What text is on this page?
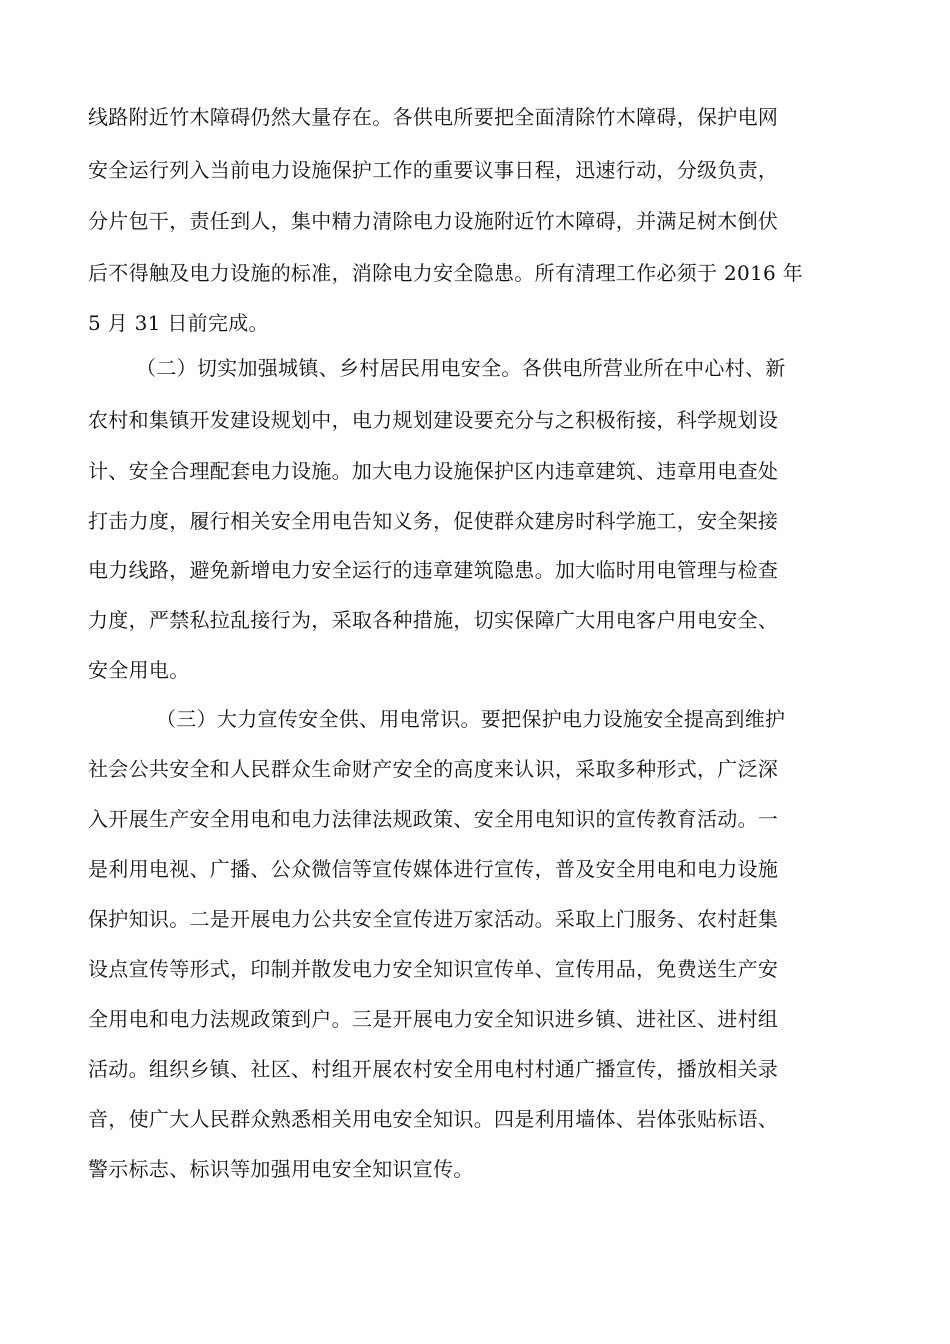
线路附近竹木障碍仍然大量存在。各供电所要把全面清除竹木障碍，保护电网
安全运行列入当前电力设施保护工作的重要议事日程，迅速行动，分级负责，
分片包干，责任到人，集中精力清除电力设施附近竹木障碍，并满足树木倒伏
后不得触及电力设施的标准，消除电力安全隐患。所有清理工作必须于 2016 年
5 月 31 日前完成。
（二）切实加强城镇、乡村居民用电安全。各供电所营业所在中心村、新
农村和集镇开发建设规划中，电力规划建设要充分与之积极衔接，科学规划设
计、安全合理配套电力设施。加大电力设施保护区内违章建筑、违章用电查处
打击力度，履行相关安全用电告知义务，促使群众建房时科学施工，安全架接
电力线路，避免新增电力安全运行的违章建筑隐患。加大临时用电管理与检查
力度，严禁私拉乱接行为，采取各种措施，切实保障广大用电客户用电安全、
安全用电。
（三）大力宣传安全供、用电常识。要把保护电力设施安全提高到维护
社会公共安全和人民群众生命财产安全的高度来认识，采取多种形式，广泛深
入开展生产安全用电和电力法律法规政策、安全用电知识的宣传教育活动。一
是利用电视、广播、公众微信等宣传媒体进行宣传，普及安全用电和电力设施
保护知识。二是开展电力公共安全宣传进万家活动。采取上门服务、农村赶集
设点宣传等形式，印制并散发电力安全知识宣传单、宣传用品，免费送生产安
全用电和电力法规政策到户。三是开展电力安全知识进乡镇、进社区、进村组
活动。组织乡镇、社区、村组开展农村安全用电村村通广播宣传，播放相关录
音，使广大人民群众熟悉相关用电安全知识。四是利用墙体、岩体张贴标语、
警示标志、标识等加强用电安全知识宣传。
